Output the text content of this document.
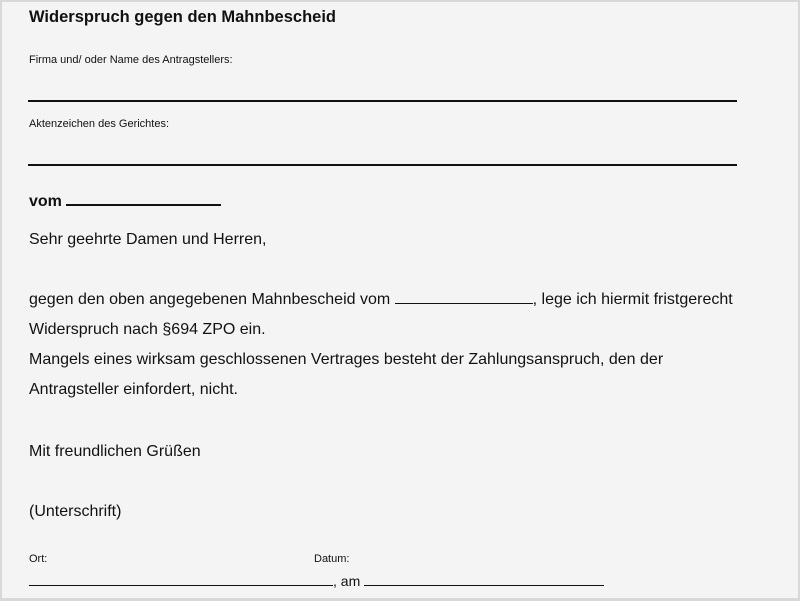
Widerspruch gegen den Mahnbescheid
Firma und/ oder Name des Antragstellers:
Aktenzeichen des Gerichtes:
vom
Sehr geehrte Damen und Herren,
gegen den oben angegebenen Mahnbescheid vom	, lege ich hiermit fristgerecht
Widerspruch nach §694 ZPO ein.
Mangels eines wirksam geschlossenen Vertrages besteht der Zahlungsanspruch, den der
Antragsteller einfordert, nicht.
Mit freundlichen Grüßen
(Unterschrift)
Ort:	Datum:
, am
